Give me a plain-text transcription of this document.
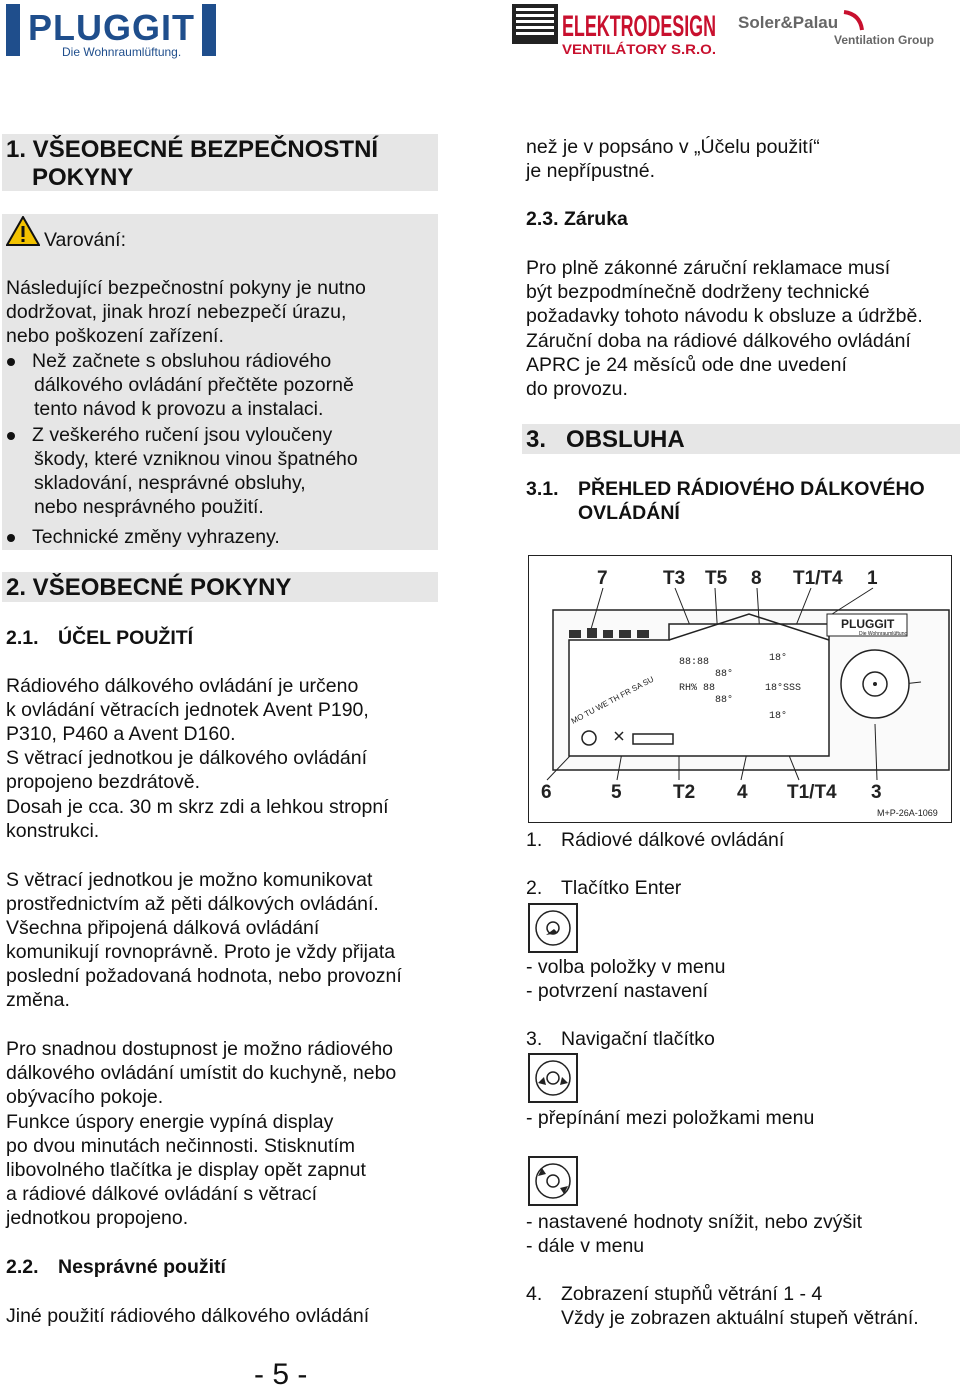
PLUGGIT
Die Wohnraumlüftung.
ELEKTRODESIGN
VENTILÁTORY S.R.O.
Soler&Palau
Ventilation Group
1. VŠEOBECNÉ BEZPEČNOSTNÍ
POKYNY
Varování:
Následující bezpečnostní pokyny je nutno
dodržovat, jinak hrozí nebezpečí úrazu,
nebo poškození zařízení.
Než začnete s obsluhou rádiového
dálkového ovládání přečtěte pozorně
tento návod k provozu a instalaci.
Z veškerého ručení jsou vyloučeny
škody, které vzniknou vinou špatného
skladování, nesprávné obsluhy,
nebo nesprávného použití.
Technické změny vyhrazeny.
2. VŠEOBECNÉ POKYNY
2.1. ÚČEL POUŽITÍ
Rádiového dálkového ovládání je určeno
k ovládání větracích jednotek Avent P190,
P310, P460 a Avent D160.
S větrací jednotkou je dálkového ovládání
propojeno bezdrátově.
Dosah je cca. 30 m skrz zdi a lehkou stropní
konstrukci.
S větrací jednotkou je možno komunikovat
prostřednictvím až pěti dálkových ovládání.
Všechna připojená dálková ovládání
komunikují rovnoprávně. Proto je vždy přijata
poslední požadovaná hodnota, nebo provozní
změna.
Pro snadnou dostupnost je možno rádiového
dálkového ovládání umístit do kuchyně, nebo
obývacího pokoje.
Funkce úspory energie vypíná display
po dvou minutách nečinnosti. Stisknutím
libovolného tlačítka je display opět zapnut
a rádiové dálkové ovládání s větrací
jednotkou propojeno.
2.2. Nesprávné použití
Jiné použití rádiového dálkového ovládání
- 5 -
než je v popsáno v „Účelu použití“
je nepřípustné.
2.3. Záruka
Pro plně zákonné záruční reklamace musí
být bezpodmínečně dodrženy technické
požadavky tohoto návodu k obsluze a údržbě.
Záruční doba na rádiové dálkového ovládání
APRC je 24 měsíců ode dne uvedení
do provozu.
3.   OBSLUHA
3.1. PŘEHLED RÁDIOVÉHO DÁLKOVÉHO
OVLÁDÁNÍ
7	T3 T5 8 T1/T4 1
6	5	T2 4 T1/T4 3
88:88
RH% 88
88°
88°
18°
18°SSS
18°
MO TU WE TH FR SA SU
PLUGGIT
Die Wohnraumlüftung
M+P-26A-1069
1. Rádiové dálkové ovládání
2. Tlačítko Enter
- volba položky v menu
- potvrzení nastavení
3. Navigační tlačítko
- přepínání mezi položkami menu
- nastavené hodnoty snížit, nebo zvýšit
- dále v menu
4. Zobrazení stupňů větrání 1 - 4
Vždy je zobrazen aktuální stupeň větrání.
